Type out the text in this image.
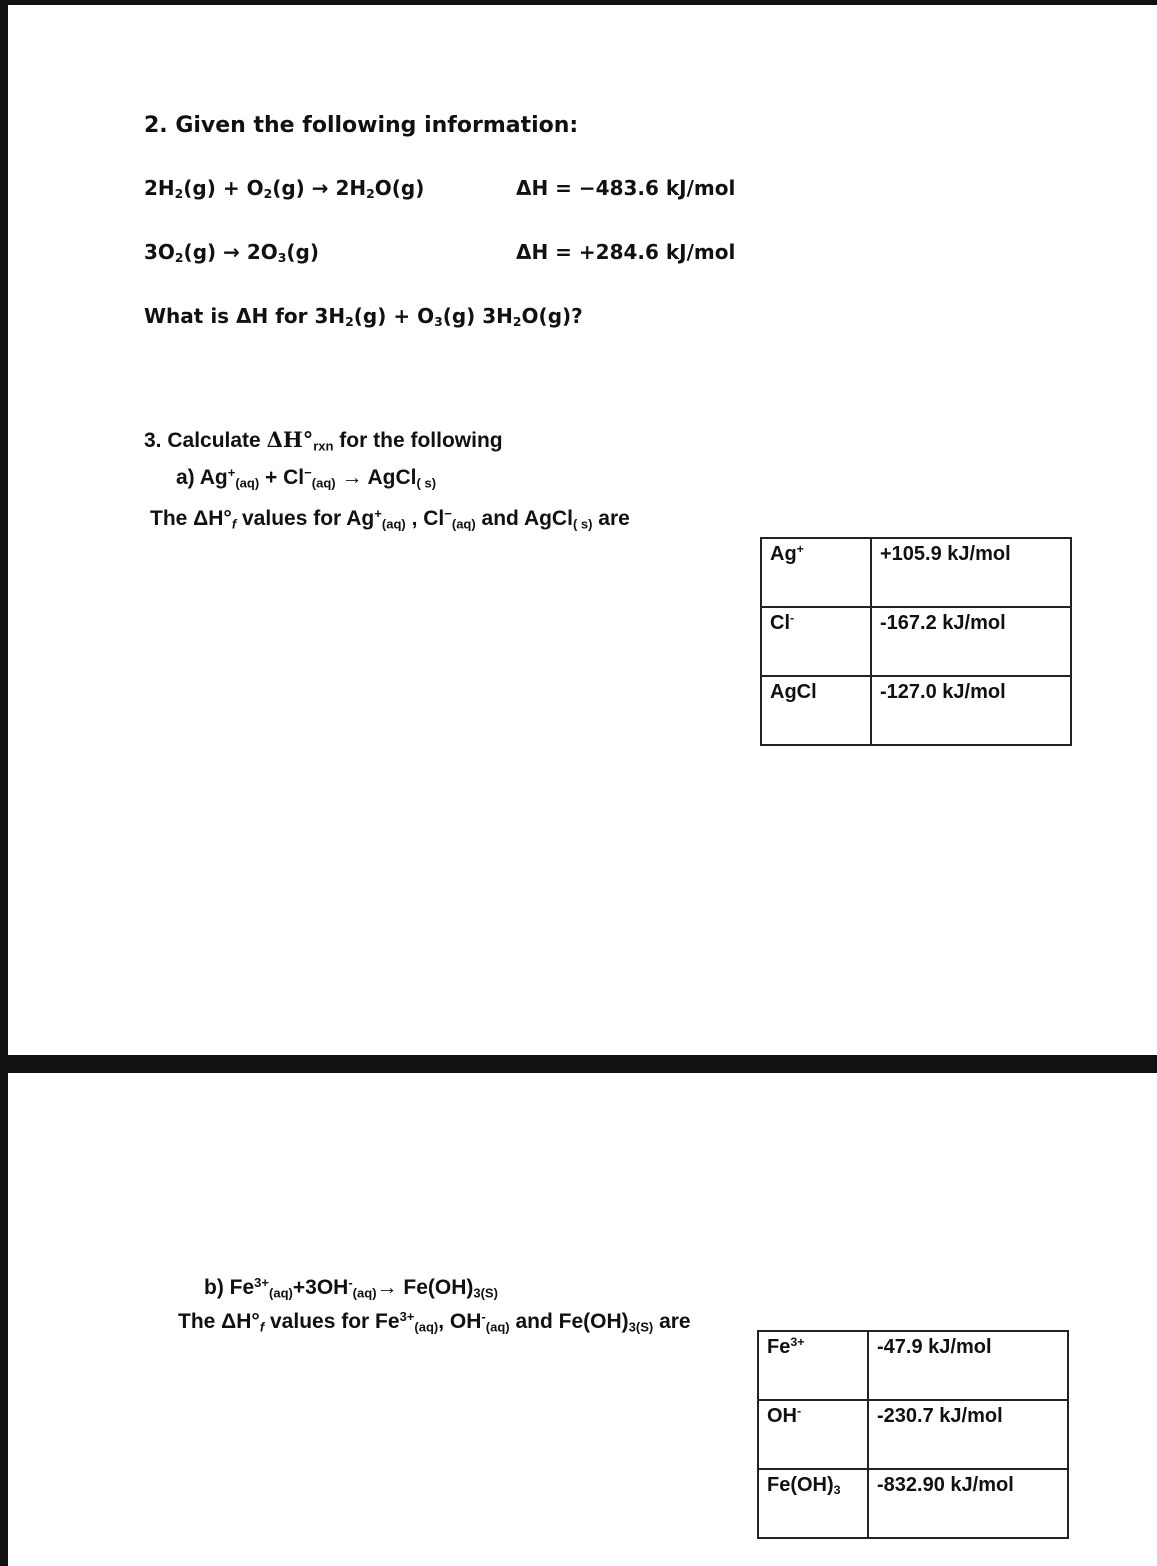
2. Given the following information:
$2H_2(g) + O_2(g) \to 2H_2O(g)$	ΔH = −483.6 kJ/mol
$3O_2(g) \to 2O_3(g)$	ΔH = +284.6 kJ/mol
What is ΔH for $3H_2(g) + O_3(g)$ $3H_2O(g)$?
3. Calculate $\Delta H^\circ_{rxn}$ for the following
a) $Ag^+_{(aq)} + Cl^-_{(aq)}$ → AgCl$_{( s)}$
The $\Delta H^\circ_f$ values for $Ag^+_{(aq)}$ , $Cl^-_{(aq)}$ and AgCl$_{( s)}$ are
Ag+	+105.9 kJ/mol
Cl-	-167.2 kJ/mol
AgCl	-127.0 kJ/mol
b) $Fe^{3+}_{(aq)}+3OH^-_{(aq)}\to Fe(OH)_{3(S)}$
The $\Delta H^\circ_f$ values for $Fe^{3+}_{(aq)}$, $OH^-_{(aq)}$ and $Fe(OH)_{3(S)}$ are
$Fe^{3+}$	-47.9 kJ/mol
OH-	-230.7 kJ/mol
$Fe(OH)_3$	-832.90 kJ/mol
